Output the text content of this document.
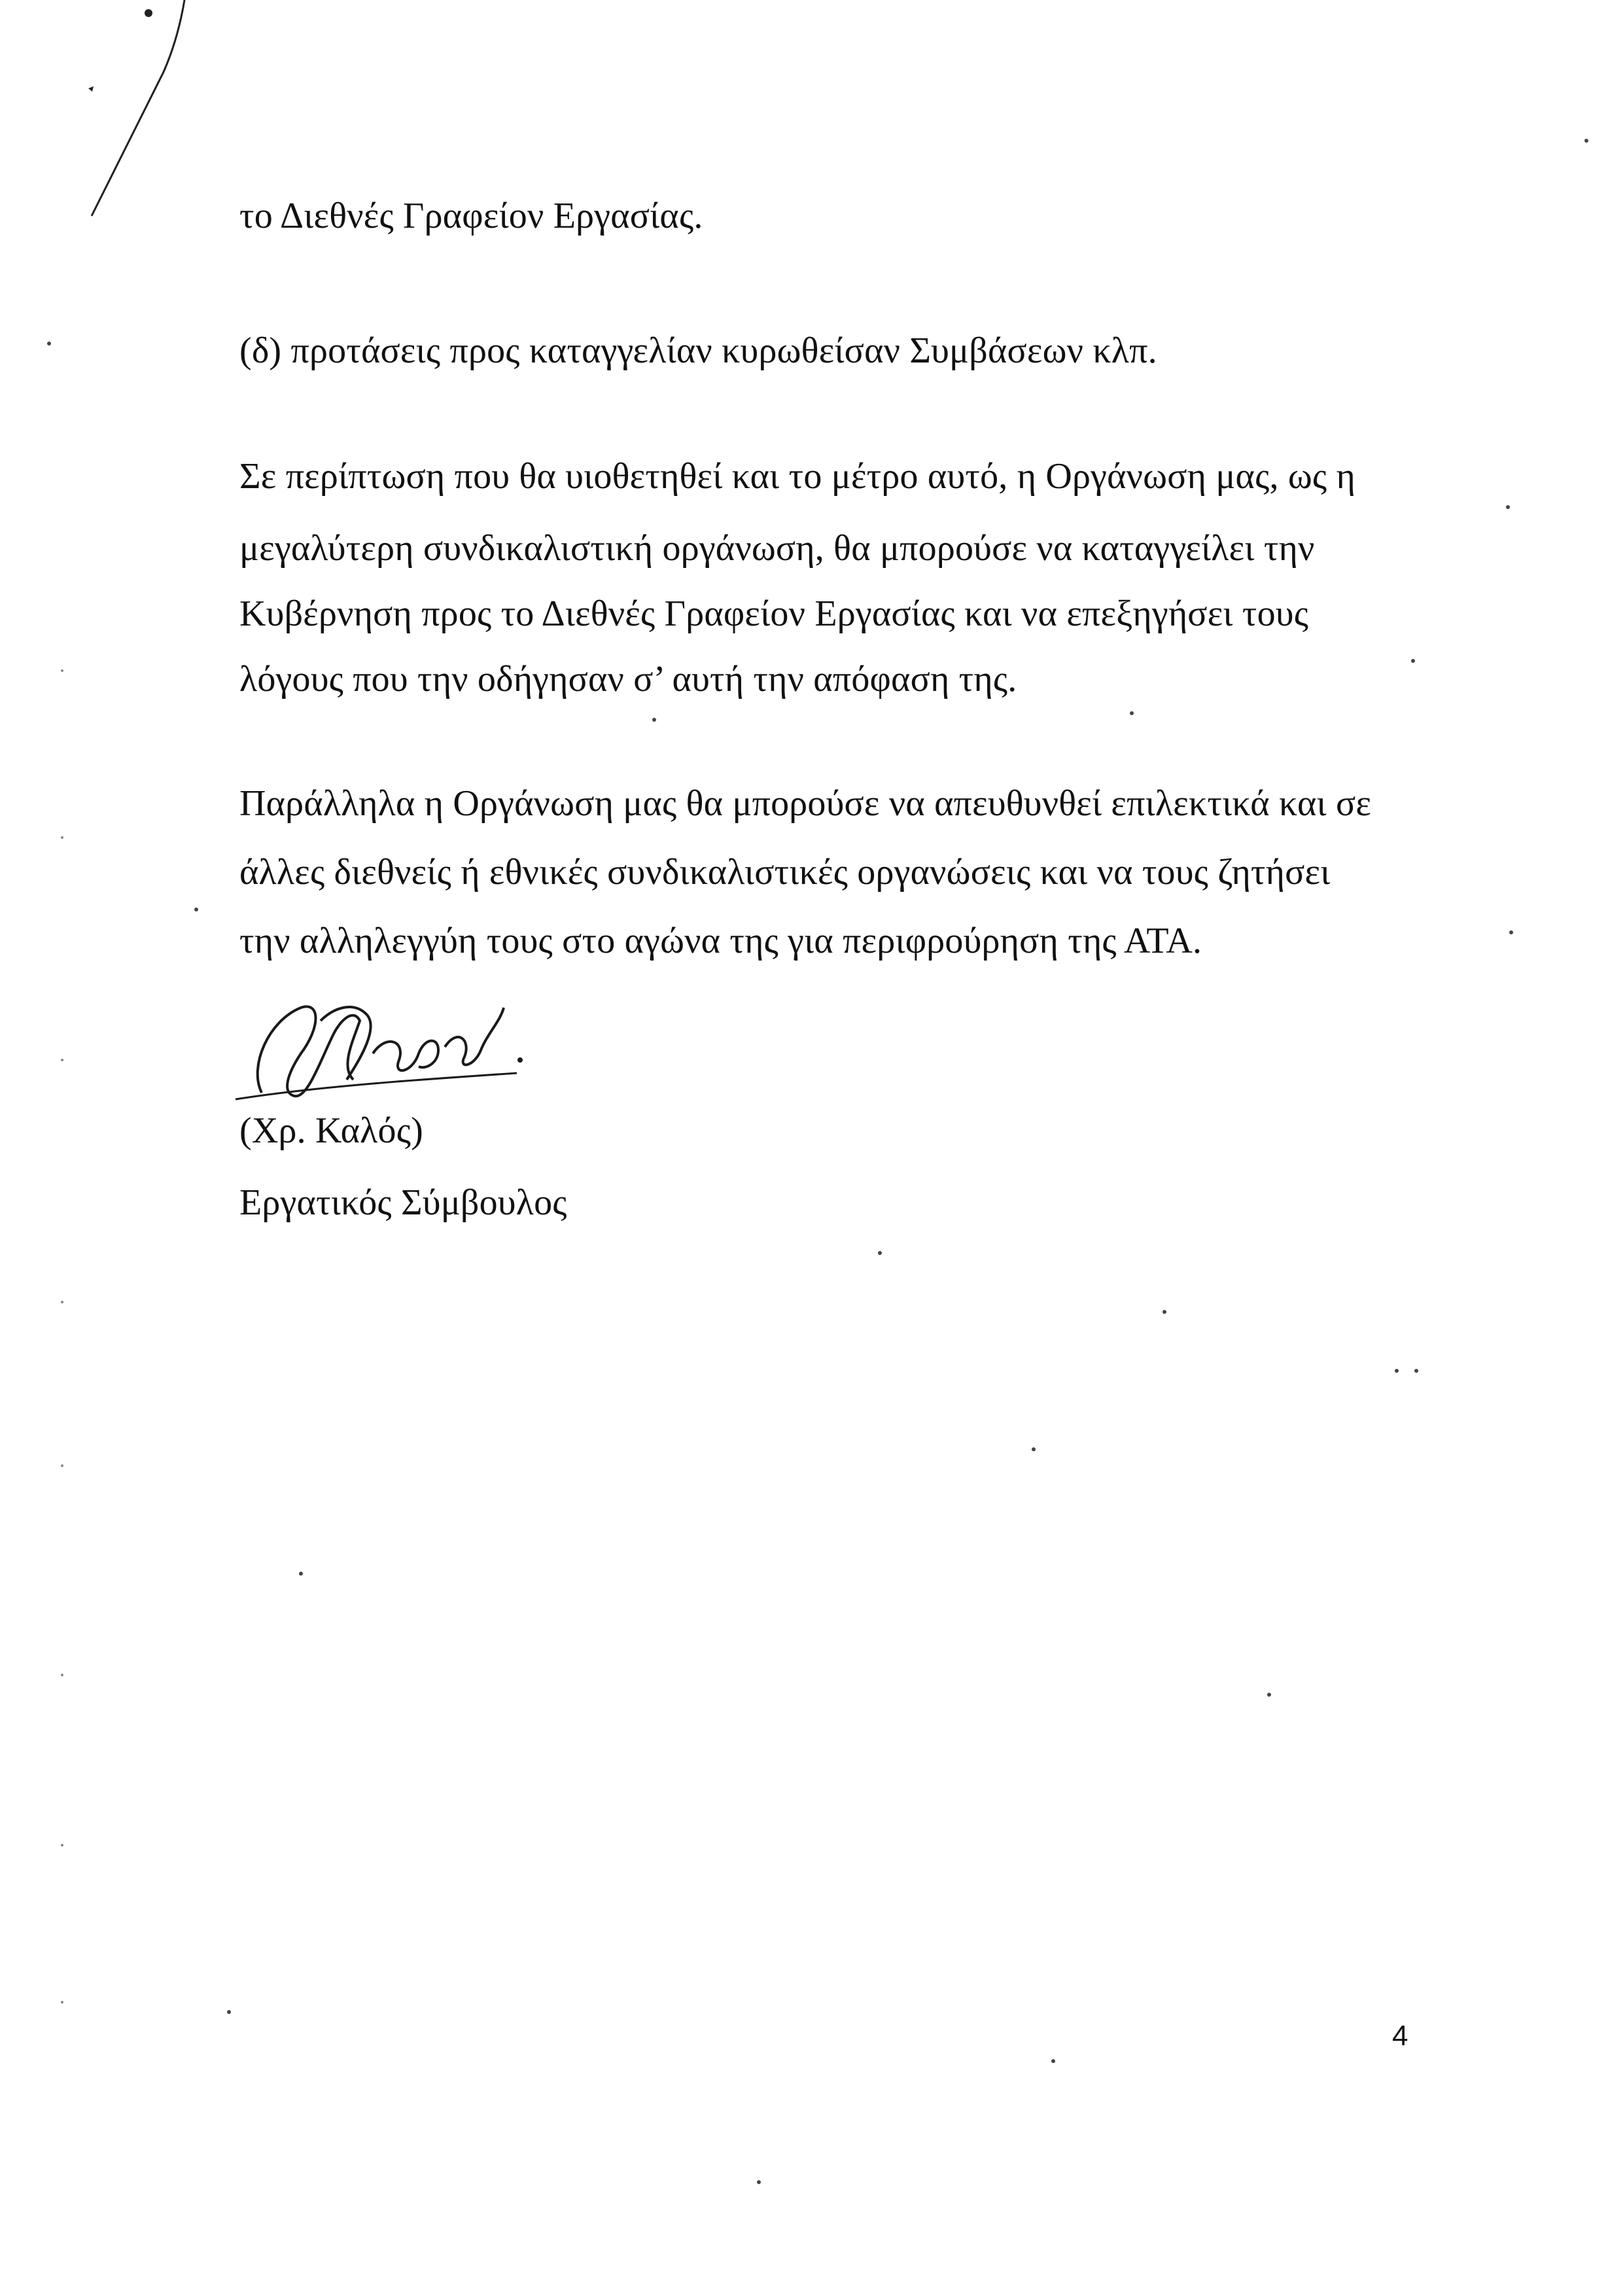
το Διεθνές Γραφείον Εργασίας.
(δ) προτάσεις προς καταγγελίαν κυρωθείσαν Συμβάσεων κλπ.
Σε περίπτωση που θα υιοθετηθεί και το μέτρο αυτό, η Οργάνωση μας, ως η
μεγαλύτερη συνδικαλιστική οργάνωση, θα μπορούσε να καταγγείλει την
Κυβέρνηση προς το Διεθνές Γραφείον Εργασίας και να επεξηγήσει τους
λόγους που την οδήγησαν σ’ αυτή την απόφαση της.
Παράλληλα η Οργάνωση μας θα μπορούσε να απευθυνθεί επιλεκτικά και σε
άλλες διεθνείς ή εθνικές συνδικαλιστικές οργανώσεις και να τους ζητήσει
την αλληλεγγύη τους στο αγώνα της για περιφρούρηση της ΑΤΑ.
(Χρ. Καλός)
Εργατικός Σύμβουλος
4
